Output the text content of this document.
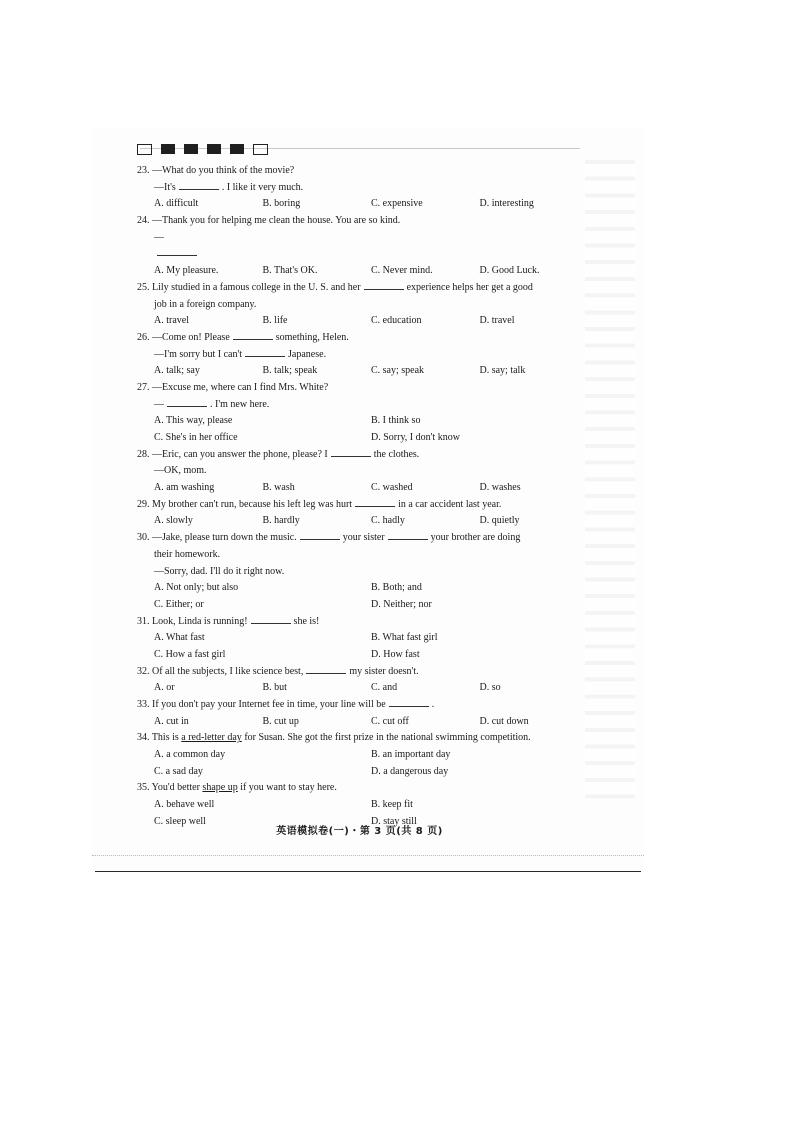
23. —What do you think of the movie?
—It's	. I like it very much.
A. difficult	B. boring	C. expensive	D. interesting
24. —Thank you for helping me clean the house. You are so kind.
—
A. My pleasure.	B. That's OK.	C. Never mind.	D. Good Luck.
25. Lily studied in a famous college in the U. S. and her	experience helps her get a good
job in a foreign company.
A. travel	B. life	C. education	D. travel
26. —Come on! Please	something, Helen.
—I'm sorry but I can't	Japanese.
A. talk; say	B. talk; speak	C. say; speak	D. say; talk
27. —Excuse me, where can I find Mrs. White?
—	. I'm new here.
A. This way, please	B. I think so
C. She's in her office	D. Sorry, I don't know
28. —Eric, can you answer the phone, please? I	the clothes.
—OK, mom.
A. am washing	B. wash	C. washed	D. washes
29. My brother can't run, because his left leg was hurt	in a car accident last year.
A. slowly	B. hardly	C. hadly	D. quietly
30. —Jake, please turn down the music.	your sister	your brother are doing
their homework.
—Sorry, dad. I'll do it right now.
A. Not only; but also	B. Both; and
C. Either; or	D. Neither; nor
31. Look, Linda is running!	she is!
A. What fast	B. What fast girl
C. How a fast girl	D. How fast
32. Of all the subjects, I like science best,	my sister doesn't.
A. or	B. but	C. and	D. so
33. If you don't pay your Internet fee in time, your line will be	.
A. cut in	B. cut up	C. cut off	D. cut down
34. This is a red-letter day for Susan. She got the first prize in the national swimming competition.
A. a common day	B. an important day
C. a sad day	D. a dangerous day
35. You'd better shape up if you want to stay here.
A. behave well	B. keep fit
C. sleep well	D. stay still
英语模拟卷(一)・第 3 页(共 8 页)
